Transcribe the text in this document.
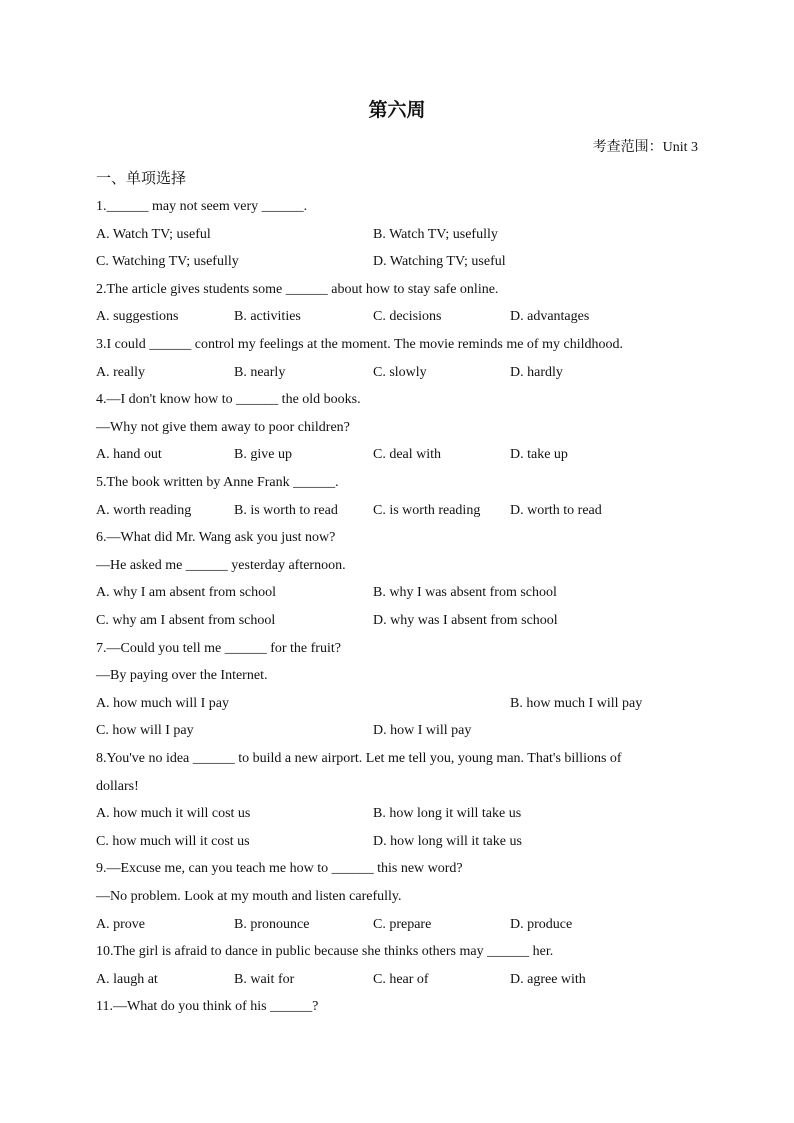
第六周
考查范围：Unit 3
一、单项选择
1.______ may not seem very ______.
A. Watch TV; useful	B. Watch TV; usefully
C. Watching TV; usefully	D. Watching TV; useful
2.The article gives students some ______ about how to stay safe online.
A. suggestions	B. activities	C. decisions	D. advantages
3.I could ______ control my feelings at the moment. The movie reminds me of my childhood.
A. really	B. nearly	C. slowly	D. hardly
4.—I don't know how to ______ the old books.
—Why not give them away to poor children?
A. hand out	B. give up	C. deal with	D. take up
5.The book written by Anne Frank ______.
A. worth reading	B. is worth to read	C. is worth reading D. worth to read
6.—What did Mr. Wang ask you just now?
—He asked me ______ yesterday afternoon.
A. why I am absent from school	B. why I was absent from school
C. why am I absent from school	D. why was I absent from school
7.—Could you tell me ______ for the fruit?
—By paying over the Internet.
A. how much will I pay	B. how much I will pay
C. how will I pay	D. how I will pay
8.You've no idea ______ to build a new airport. Let me tell you, young man. That's billions of
dollars!
A. how much it will cost us	B. how long it will take us
C. how much will it cost us	D. how long will it take us
9.—Excuse me, can you teach me how to ______ this new word?
—No problem. Look at my mouth and listen carefully.
A. prove	B. pronounce	C. prepare	D. produce
10.The girl is afraid to dance in public because she thinks others may ______ her.
A. laugh at	B. wait for	C. hear of	D. agree with
11.—What do you think of his ______?
